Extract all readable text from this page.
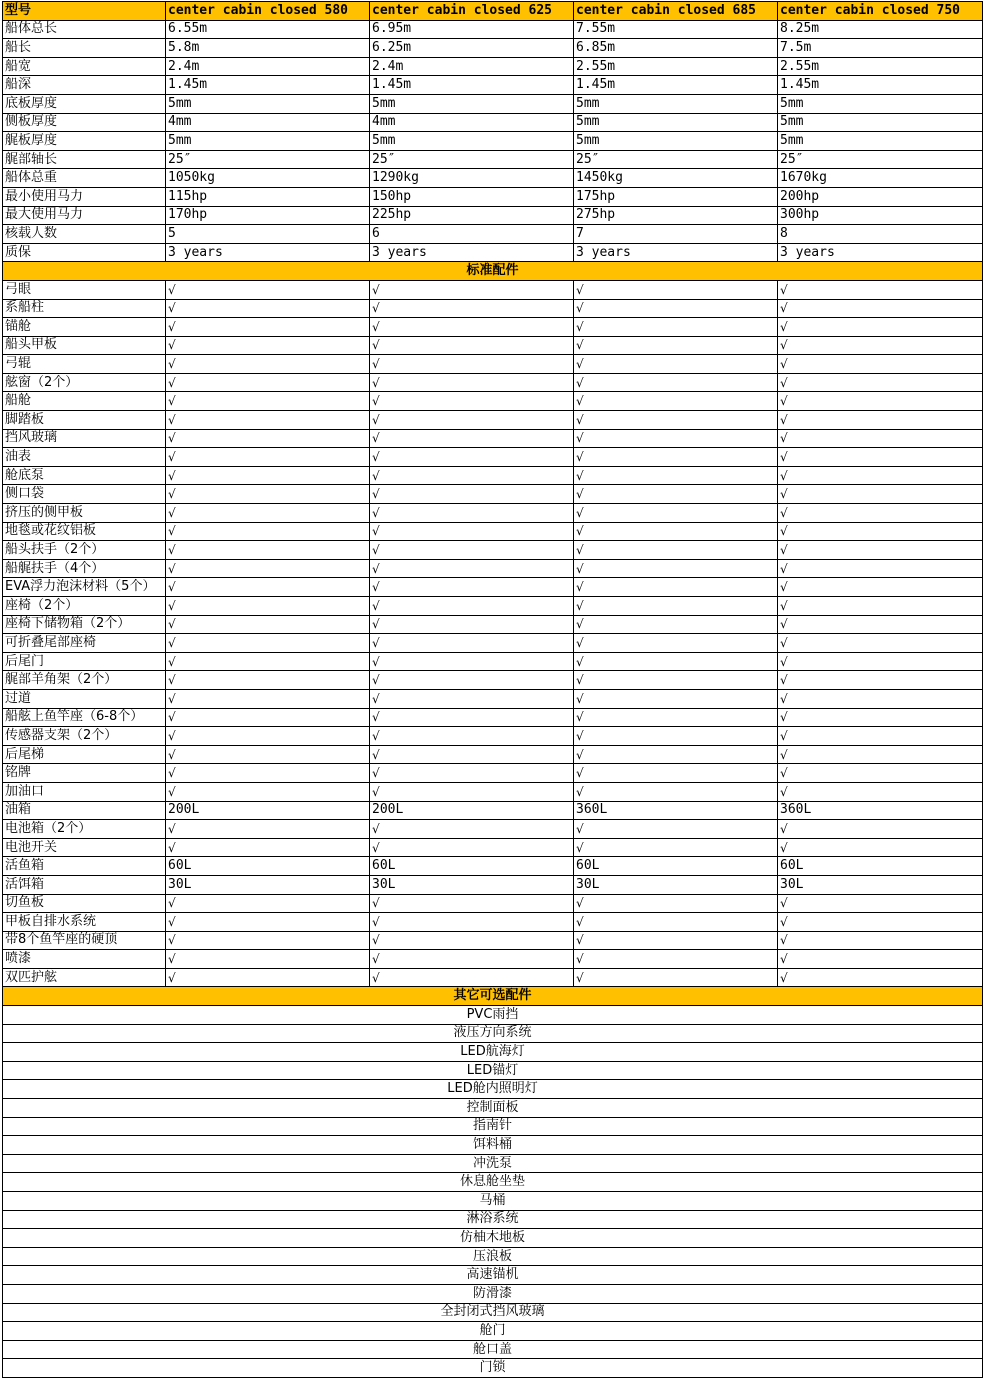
型号	center cabin closed 580	center cabin closed 625	center cabin closed 685	center cabin closed 750
船体总长	6.55m	6.95m	7.55m	8.25m
船长	5.8m	6.25m	6.85m	7.5m
船宽	2.4m	2.4m	2.55m	2.55m
船深	1.45m	1.45m	1.45m	1.45m
底板厚度	5mm	5mm	5mm	5mm
侧板厚度	4mm	4mm	5mm	5mm
艉板厚度	5mm	5mm	5mm	5mm
艉部轴长	25″	25″	25″	25″
船体总重	1050kg	1290kg	1450kg	1670kg
最小使用马力	115hp	150hp	175hp	200hp
最大使用马力	170hp	225hp	275hp	300hp
核载人数	5	6	7	8
质保	3 years	3 years	3 years	3 years
标准配件				
弓眼	√	√	√	√
系船柱	√	√	√	√
锚舱	√	√	√	√
船头甲板	√	√	√	√
弓辊	√	√	√	√
舷窗（2个）	√	√	√	√
船舱	√	√	√	√
脚踏板	√	√	√	√
挡风玻璃	√	√	√	√
油表	√	√	√	√
舱底泵	√	√	√	√
侧口袋	√	√	√	√
挤压的侧甲板	√	√	√	√
地毯或花纹铝板	√	√	√	√
船头扶手（2个）	√	√	√	√
船艉扶手（4个）	√	√	√	√
EVA浮力泡沫材料（5个）	√	√	√	√
座椅（2个）	√	√	√	√
座椅下储物箱（2个）	√	√	√	√
可折叠尾部座椅	√	√	√	√
后尾门	√	√	√	√
艉部羊角架（2个）	√	√	√	√
过道	√	√	√	√
船舷上鱼竿座（6-8个）	√	√	√	√
传感器支架（2个）	√	√	√	√
后尾梯	√	√	√	√
铭牌	√	√	√	√
加油口	√	√	√	√
油箱	200L	200L	360L	360L
电池箱（2个）	√	√	√	√
电池开关	√	√	√	√
活鱼箱	60L	60L	60L	60L
活饵箱	30L	30L	30L	30L
切鱼板	√	√	√	√
甲板自排水系统	√	√	√	√
带8个鱼竿座的硬顶	√	√	√	√
喷漆	√	√	√	√
双匹护舷	√	√	√	√
其它可选配件				
PVC雨挡				
液压方向系统				
LED航海灯				
LED锚灯				
LED舱内照明灯				
控制面板				
指南针				
饵料桶				
冲洗泵				
休息舱坐垫				
马桶				
淋浴系统				
仿柚木地板				
压浪板				
高速锚机				
防滑漆				
全封闭式挡风玻璃				
舱门				
舱口盖				
门锁				
